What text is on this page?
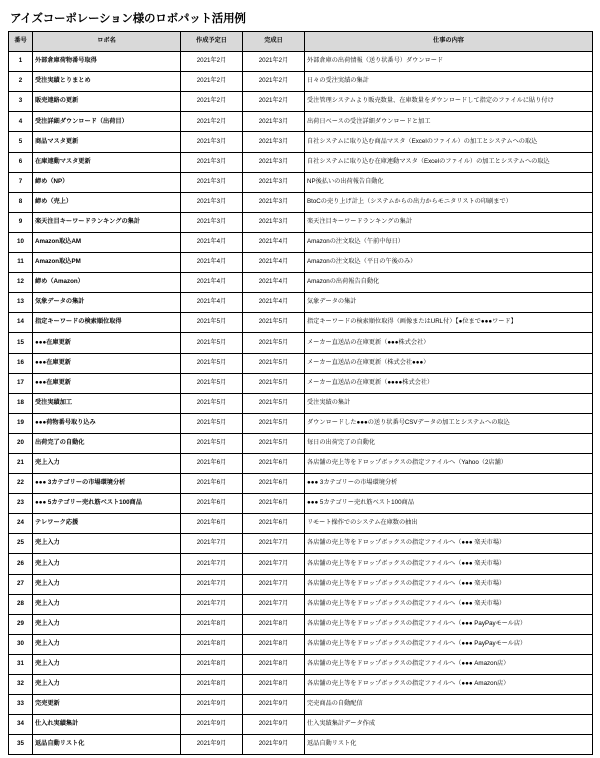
アイズコーポレーション様のロボパット活用例
番号	ロボ名	作成予定日	完成日	仕事の内容
1	外部倉庫荷物番号取得	2021年2月	2021年2月	外部倉庫の出荷情報（送り状番号）ダウンロード
2	受注実績とりまとめ	2021年2月	2021年2月	日々の受注実績の集計
3	販売連絡の更新	2021年2月	2021年2月	受注管理システムより販売数量、在庫数量をダウンロードして指定のファイルに貼り付け
4	受注詳細ダウンロード（出荷目）	2021年2月	2021年3月	出荷日ベースの受注詳細ダウンロードと加工
5	商品マスタ更新	2021年3月	2021年3月	自社システムに取り込む商品マスタ（Excelのファイル）の加工とシステムへの取込
6	在庫連動マスタ更新	2021年3月	2021年3月	自社システムに取り込む在庫連動マスタ（Excelのファイル）の加工とシステムへの取込
7	締め（NP）	2021年3月	2021年3月	NP後払いの出荷報告自動化
8	締め（売上）	2021年3月	2021年3月	BtoCの売り上げ計上（システムからの出力からモニタリストの印刷まで）
9	楽天注目キーワードランキングの集計	2021年3月	2021年3月	楽天注目キーワードランキングの集計
10	Amazon取込AM	2021年4月	2021年4月	Amazonの注文取込（午前中毎日）
11	Amazon取込PM	2021年4月	2021年4月	Amazonの注文取込（平日の午後のみ）
12	締め（Amazon）	2021年4月	2021年4月	Amazonの出荷報告自動化
13	気象データの集計	2021年4月	2021年4月	気象データの集計
14	指定キーワードの検索順位取得	2021年5月	2021年5月	指定キーワードの検索順位取得（画像またはURL付）【●位まで●●●ワード】
15	●●●在庫更新	2021年5月	2021年5月	メーカー直送品の在庫更新（●●●株式会社）
16	●●●在庫更新	2021年5月	2021年5月	メーカー直送品の在庫更新（株式会社●●●）
17	●●●在庫更新	2021年5月	2021年5月	メーカー直送品の在庫更新（●●●●株式会社）
18	受注実績加工	2021年5月	2021年5月	受注実績の集計
19	●●●荷物番号取り込み	2021年5月	2021年5月	ダウンロードした●●●の送り状番号CSVデータの加工とシステムへの取込
20	出荷完了の自動化	2021年5月	2021年5月	毎日の出荷完了の自動化
21	売上入力	2021年6月	2021年6月	各店舗の売上等をドロップボックスの指定ファイルへ（Yahoo（2店舗）
22	●●● 3カテゴリーの市場環境分析	2021年6月	2021年6月	●●● 3カテゴリーの市場環境分析
23	●●● 5カテゴリー売れ筋ベスト100商品	2021年6月	2021年6月	●●● 5カテゴリー売れ筋ベスト100商品
24	テレワーク応援	2021年6月	2021年6月	リモート操作でのシステム在庫数の抽出
25	売上入力	2021年7月	2021年7月	各店舗の売上等をドロップボックスの指定ファイルへ（●●● 楽天市場）
26	売上入力	2021年7月	2021年7月	各店舗の売上等をドロップボックスの指定ファイルへ（●●● 楽天市場）
27	売上入力	2021年7月	2021年7月	各店舗の売上等をドロップボックスの指定ファイルへ（●●● 楽天市場）
28	売上入力	2021年7月	2021年7月	各店舗の売上等をドロップボックスの指定ファイルへ（●●● 楽天市場）
29	売上入力	2021年8月	2021年8月	各店舗の売上等をドロップボックスの指定ファイルへ（●●● PayPayモール店）
30	売上入力	2021年8月	2021年8月	各店舗の売上等をドロップボックスの指定ファイルへ（●●● PayPayモール店）
31	売上入力	2021年8月	2021年8月	各店舗の売上等をドロップボックスの指定ファイルへ（●●● Amazon店）
32	売上入力	2021年8月	2021年8月	各店舗の売上等をドロップボックスの指定ファイルへ（●●● Amazon店）
33	完売更新	2021年9月	2021年9月	完売商品の自動配信
34	仕入れ実績集計	2021年9月	2021年9月	仕入実績集計データ作成
35	返品自動リスト化	2021年9月	2021年9月	返品自動リスト化
